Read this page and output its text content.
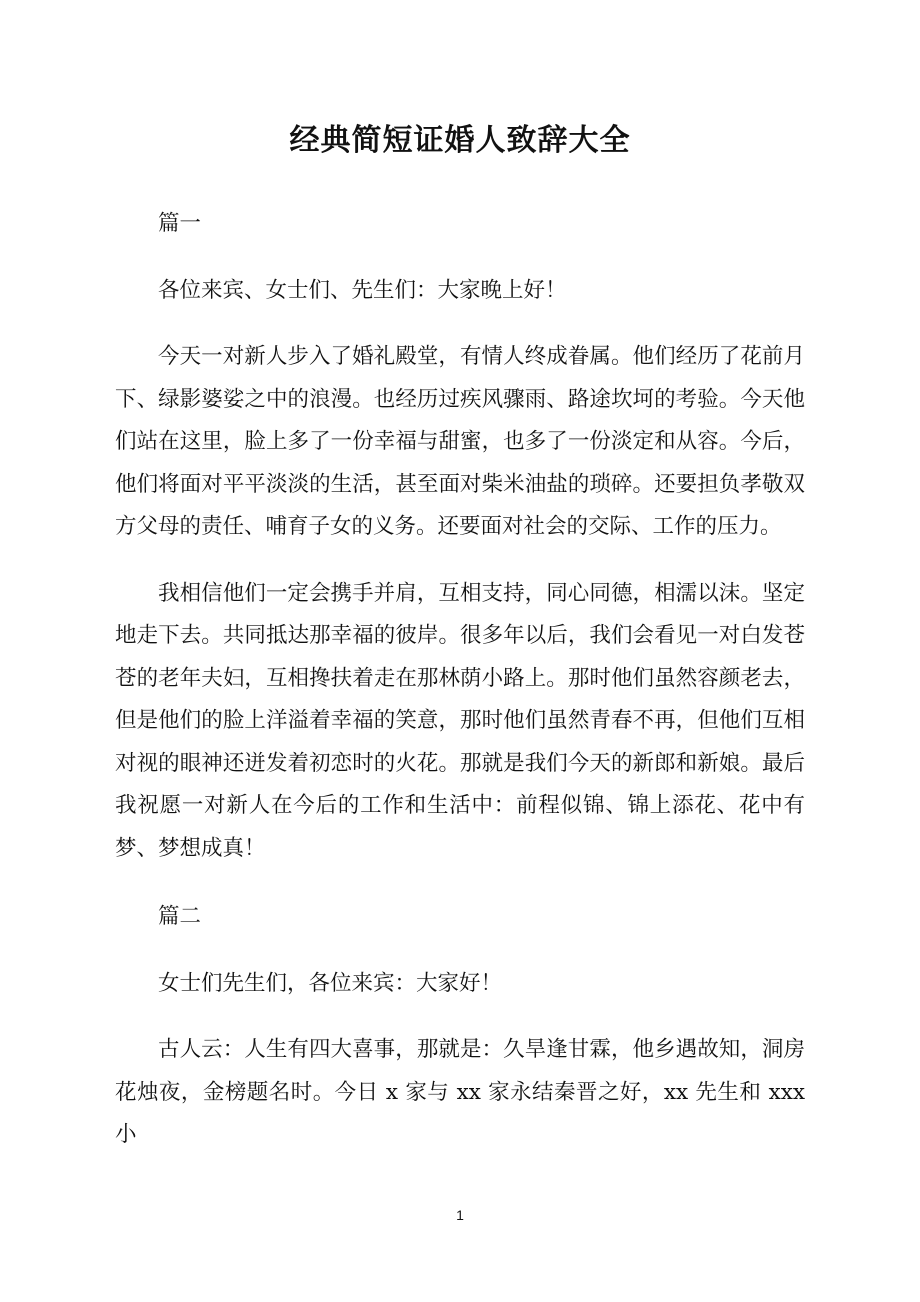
经典简短证婚人致辞大全

篇一

各位来宾、女士们、先生们：大家晚上好！

今天一对新人步入了婚礼殿堂，有情人终成眷属。他们经历了花前月下、绿影婆娑之中的浪漫。也经历过疾风骤雨、路途坎坷的考验。今天他们站在这里，脸上多了一份幸福与甜蜜，也多了一份淡定和从容。今后，他们将面对平平淡淡的生活，甚至面对柴米油盐的琐碎。还要担负孝敬双方父母的责任、哺育子女的义务。还要面对社会的交际、工作的压力。

我相信他们一定会携手并肩，互相支持，同心同德，相濡以沫。坚定地走下去。共同抵达那幸福的彼岸。很多年以后，我们会看见一对白发苍苍的老年夫妇，互相搀扶着走在那林荫小路上。那时他们虽然容颜老去，但是他们的脸上洋溢着幸福的笑意，那时他们虽然青春不再，但他们互相对视的眼神还迸发着初恋时的火花。那就是我们今天的新郎和新娘。最后我祝愿一对新人在今后的工作和生活中：前程似锦、锦上添花、花中有梦、梦想成真！

篇二

女士们先生们，各位来宾：大家好！

古人云：人生有四大喜事，那就是：久旱逢甘霖，他乡遇故知，洞房花烛夜，金榜题名时。今日 x 家与 xx 家永结秦晋之好，xx 先生和 xxx 小

1
